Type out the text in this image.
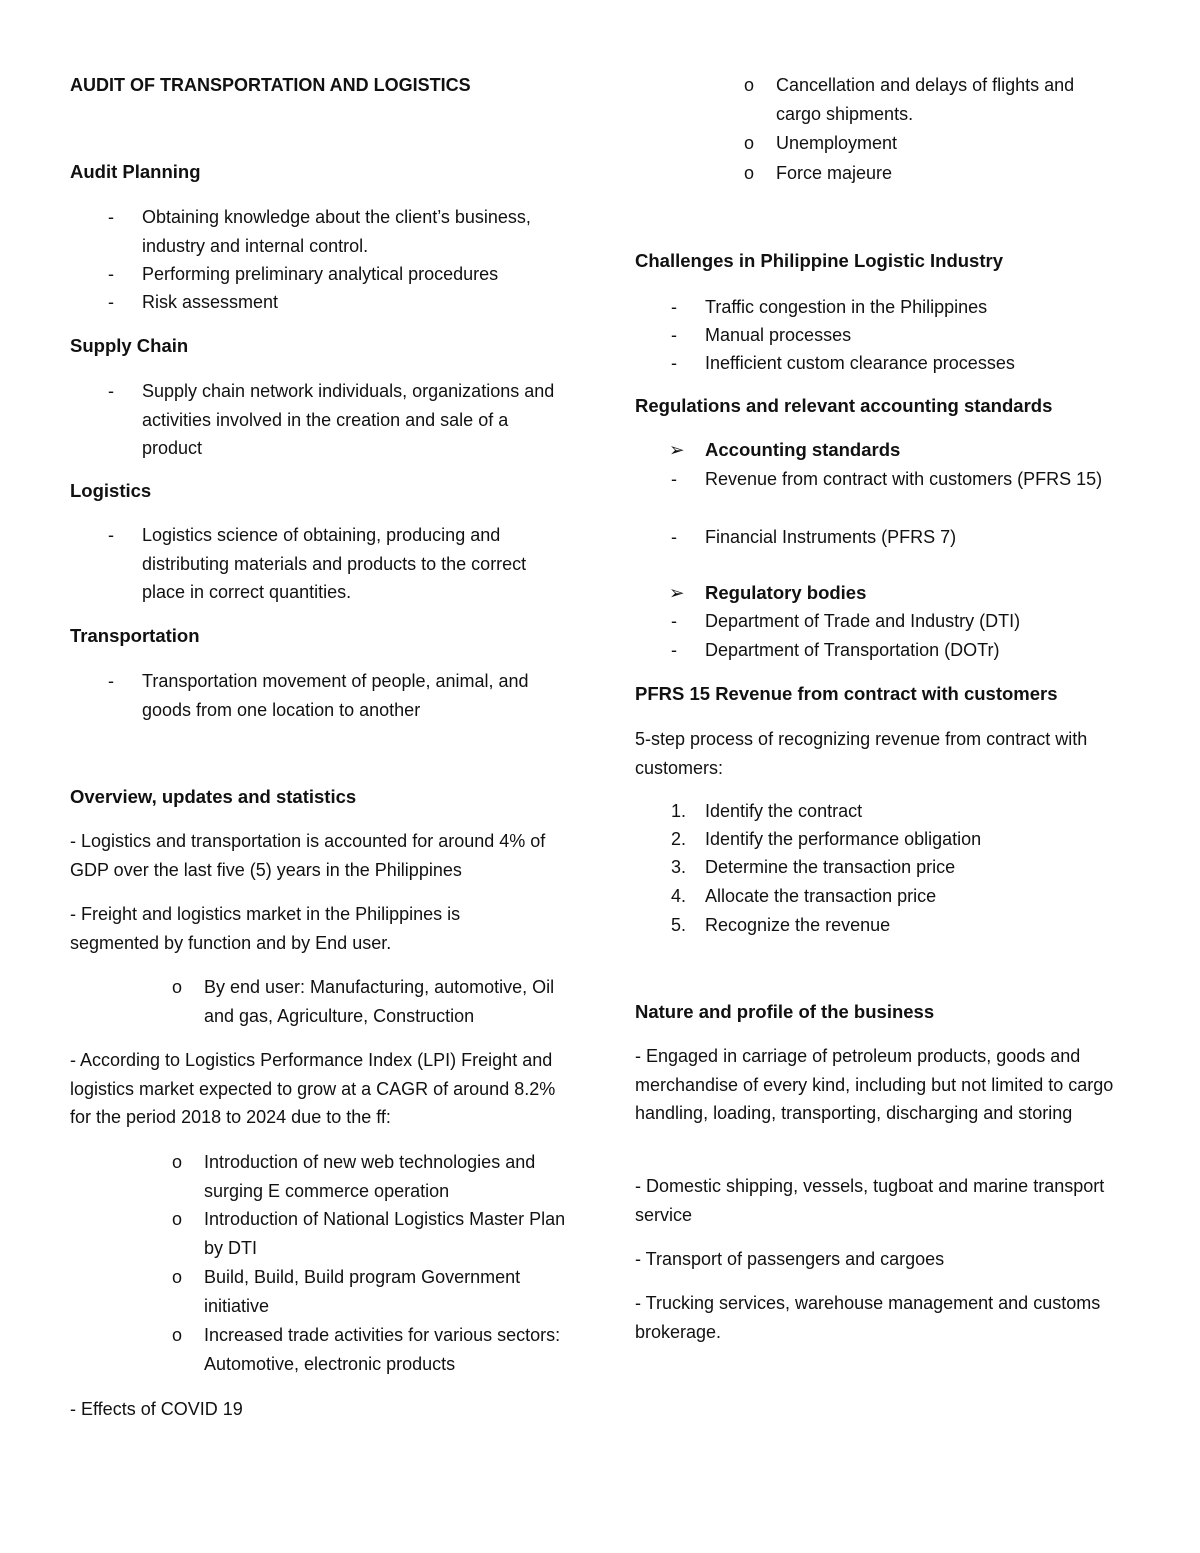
AUDIT OF TRANSPORTATION AND LOGISTICS
Audit Planning
- Obtaining knowledge about the client’s business, industry and internal control.
- Performing preliminary analytical procedures
- Risk assessment
Supply Chain
- Supply chain network individuals, organizations and activities involved in the creation and sale of a product
Logistics
- Logistics science of obtaining, producing and distributing materials and products to the correct place in correct quantities.
Transportation
- Transportation movement of people, animal, and goods from one location to another
Overview, updates and statistics
- Logistics and transportation is accounted for around 4% of GDP over the last five (5) years in the Philippines
- Freight and logistics market in the Philippines is segmented by function and by End user.
o By end user: Manufacturing, automotive, Oil and gas, Agriculture, Construction
- According to Logistics Performance Index (LPI) Freight and logistics market expected to grow at a CAGR of around 8.2% for the period 2018 to 2024 due to the ff:
o Introduction of new web technologies and surging E commerce operation
o Introduction of National Logistics Master Plan by DTI
o Build, Build, Build program Government initiative
o Increased trade activities for various sectors: Automotive, electronic products
- Effects of COVID 19
o Cancellation and delays of flights and cargo shipments.
o Unemployment
o Force majeure
Challenges in Philippine Logistic Industry
- Traffic congestion in the Philippines
- Manual processes
- Inefficient custom clearance processes
Regulations and relevant accounting standards
➢ Accounting standards
- Revenue from contract with customers (PFRS 15)
- Financial Instruments (PFRS 7)
➢ Regulatory bodies
- Department of Trade and Industry (DTI)
- Department of Transportation (DOTr)
PFRS 15 Revenue from contract with customers
5-step process of recognizing revenue from contract with customers:
1. Identify the contract
2. Identify the performance obligation
3. Determine the transaction price
4. Allocate the transaction price
5. Recognize the revenue
Nature and profile of the business
- Engaged in carriage of petroleum products, goods and merchandise of every kind, including but not limited to cargo handling, loading, transporting, discharging and storing
- Domestic shipping, vessels, tugboat and marine transport service
- Transport of passengers and cargoes
- Trucking services, warehouse management and customs brokerage.
